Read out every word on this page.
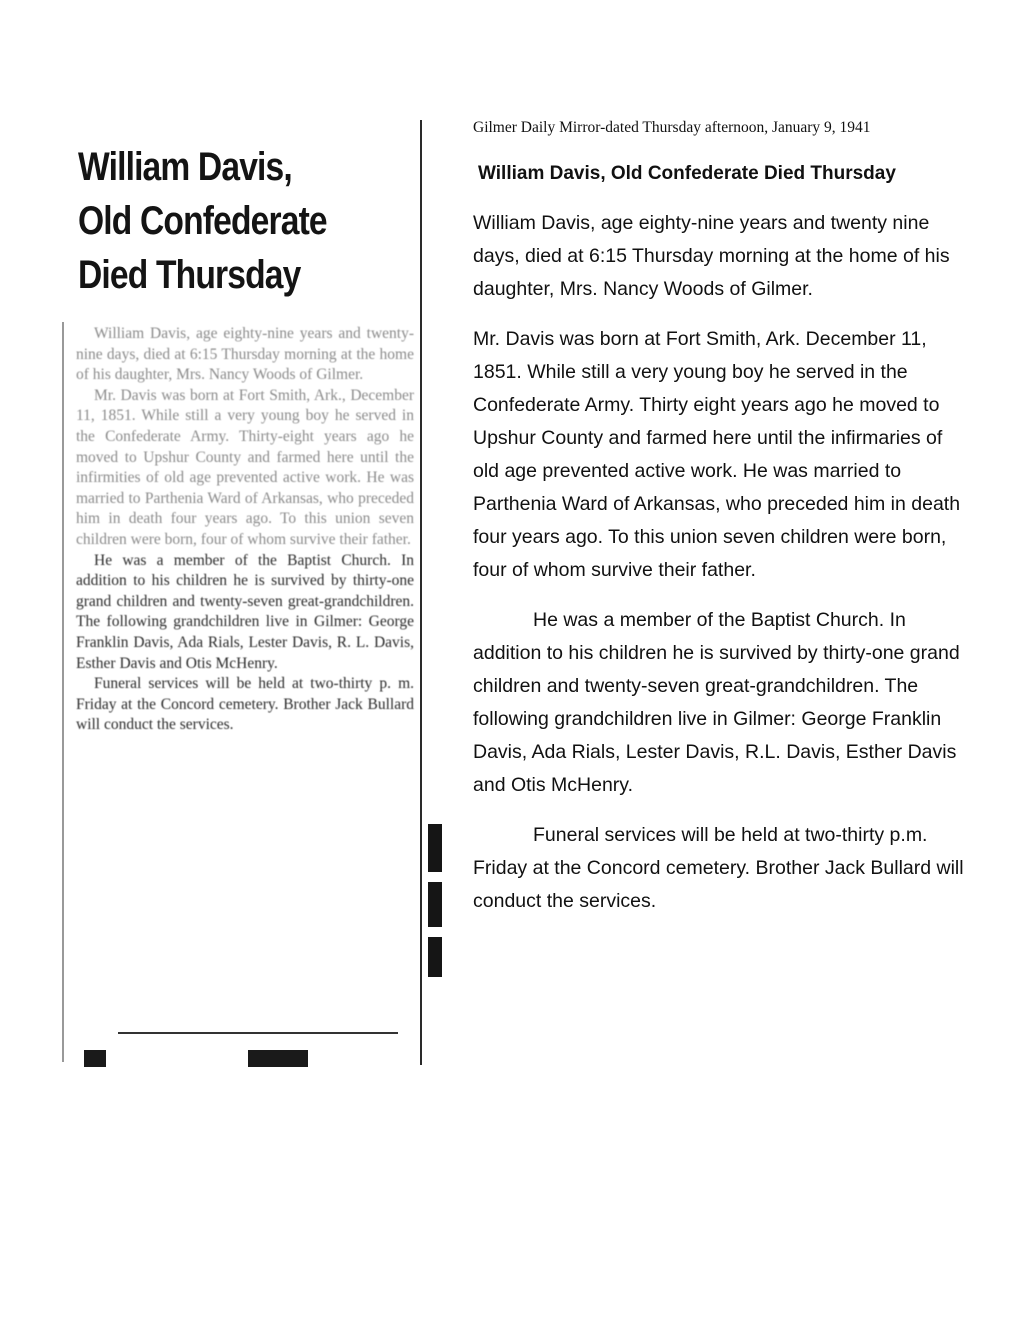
William Davis,
Old Confederate
Died Thursday

William Davis, age eighty-nine years and twenty-nine days, died at 6:15 Thursday morning at the home of his daughter, Mrs. Nancy Woods of Gilmer.

Mr. Davis was born at Fort Smith, Ark., December 11, 1851. While still a very young boy he served in the Confederate Army. Thirty-eight years ago he moved to Upshur County and farmed here until the infirmities of old age prevented active work. He was married to Parthenia Ward of Arkansas, who preceded him in death four years ago. To this union seven children were born, four of whom survive their father.

He was a member of the Baptist Church. In addition to his children he is survived by thirty-one grand children and twenty-seven great-grandchildren. The following grandchildren live in Gilmer: George Franklin Davis, Ada Rials, Lester Davis, R. L. Davis, Esther Davis and Otis McHenry.

Funeral services will be held at two-thirty p. m. Friday at the Concord cemetery. Brother Jack Bullard will conduct the services.

Gilmer Daily Mirror-dated Thursday afternoon, January 9, 1941
William Davis, Old Confederate Died Thursday

William Davis, age eighty-nine years and twenty nine days, died at 6:15 Thursday morning at the home of his daughter, Mrs. Nancy Woods of Gilmer.

Mr. Davis was born at Fort Smith, Ark. December 11, 1851. While still a very young boy he served in the Confederate Army. Thirty eight years ago he moved to Upshur County and farmed here until the infirmaries of old age prevented active work. He was married to Parthenia Ward of Arkansas, who preceded him in death four years ago. To this union seven children were born, four of whom survive their father.

He was a member of the Baptist Church. In addition to his children he is survived by thirty-one grand children and twenty-seven great-grandchildren. The following grandchildren live in Gilmer: George Franklin Davis, Ada Rials, Lester Davis, R.L. Davis, Esther Davis and Otis McHenry.

Funeral services will be held at two-thirty p.m. Friday at the Concord cemetery. Brother Jack Bullard will conduct the services.
